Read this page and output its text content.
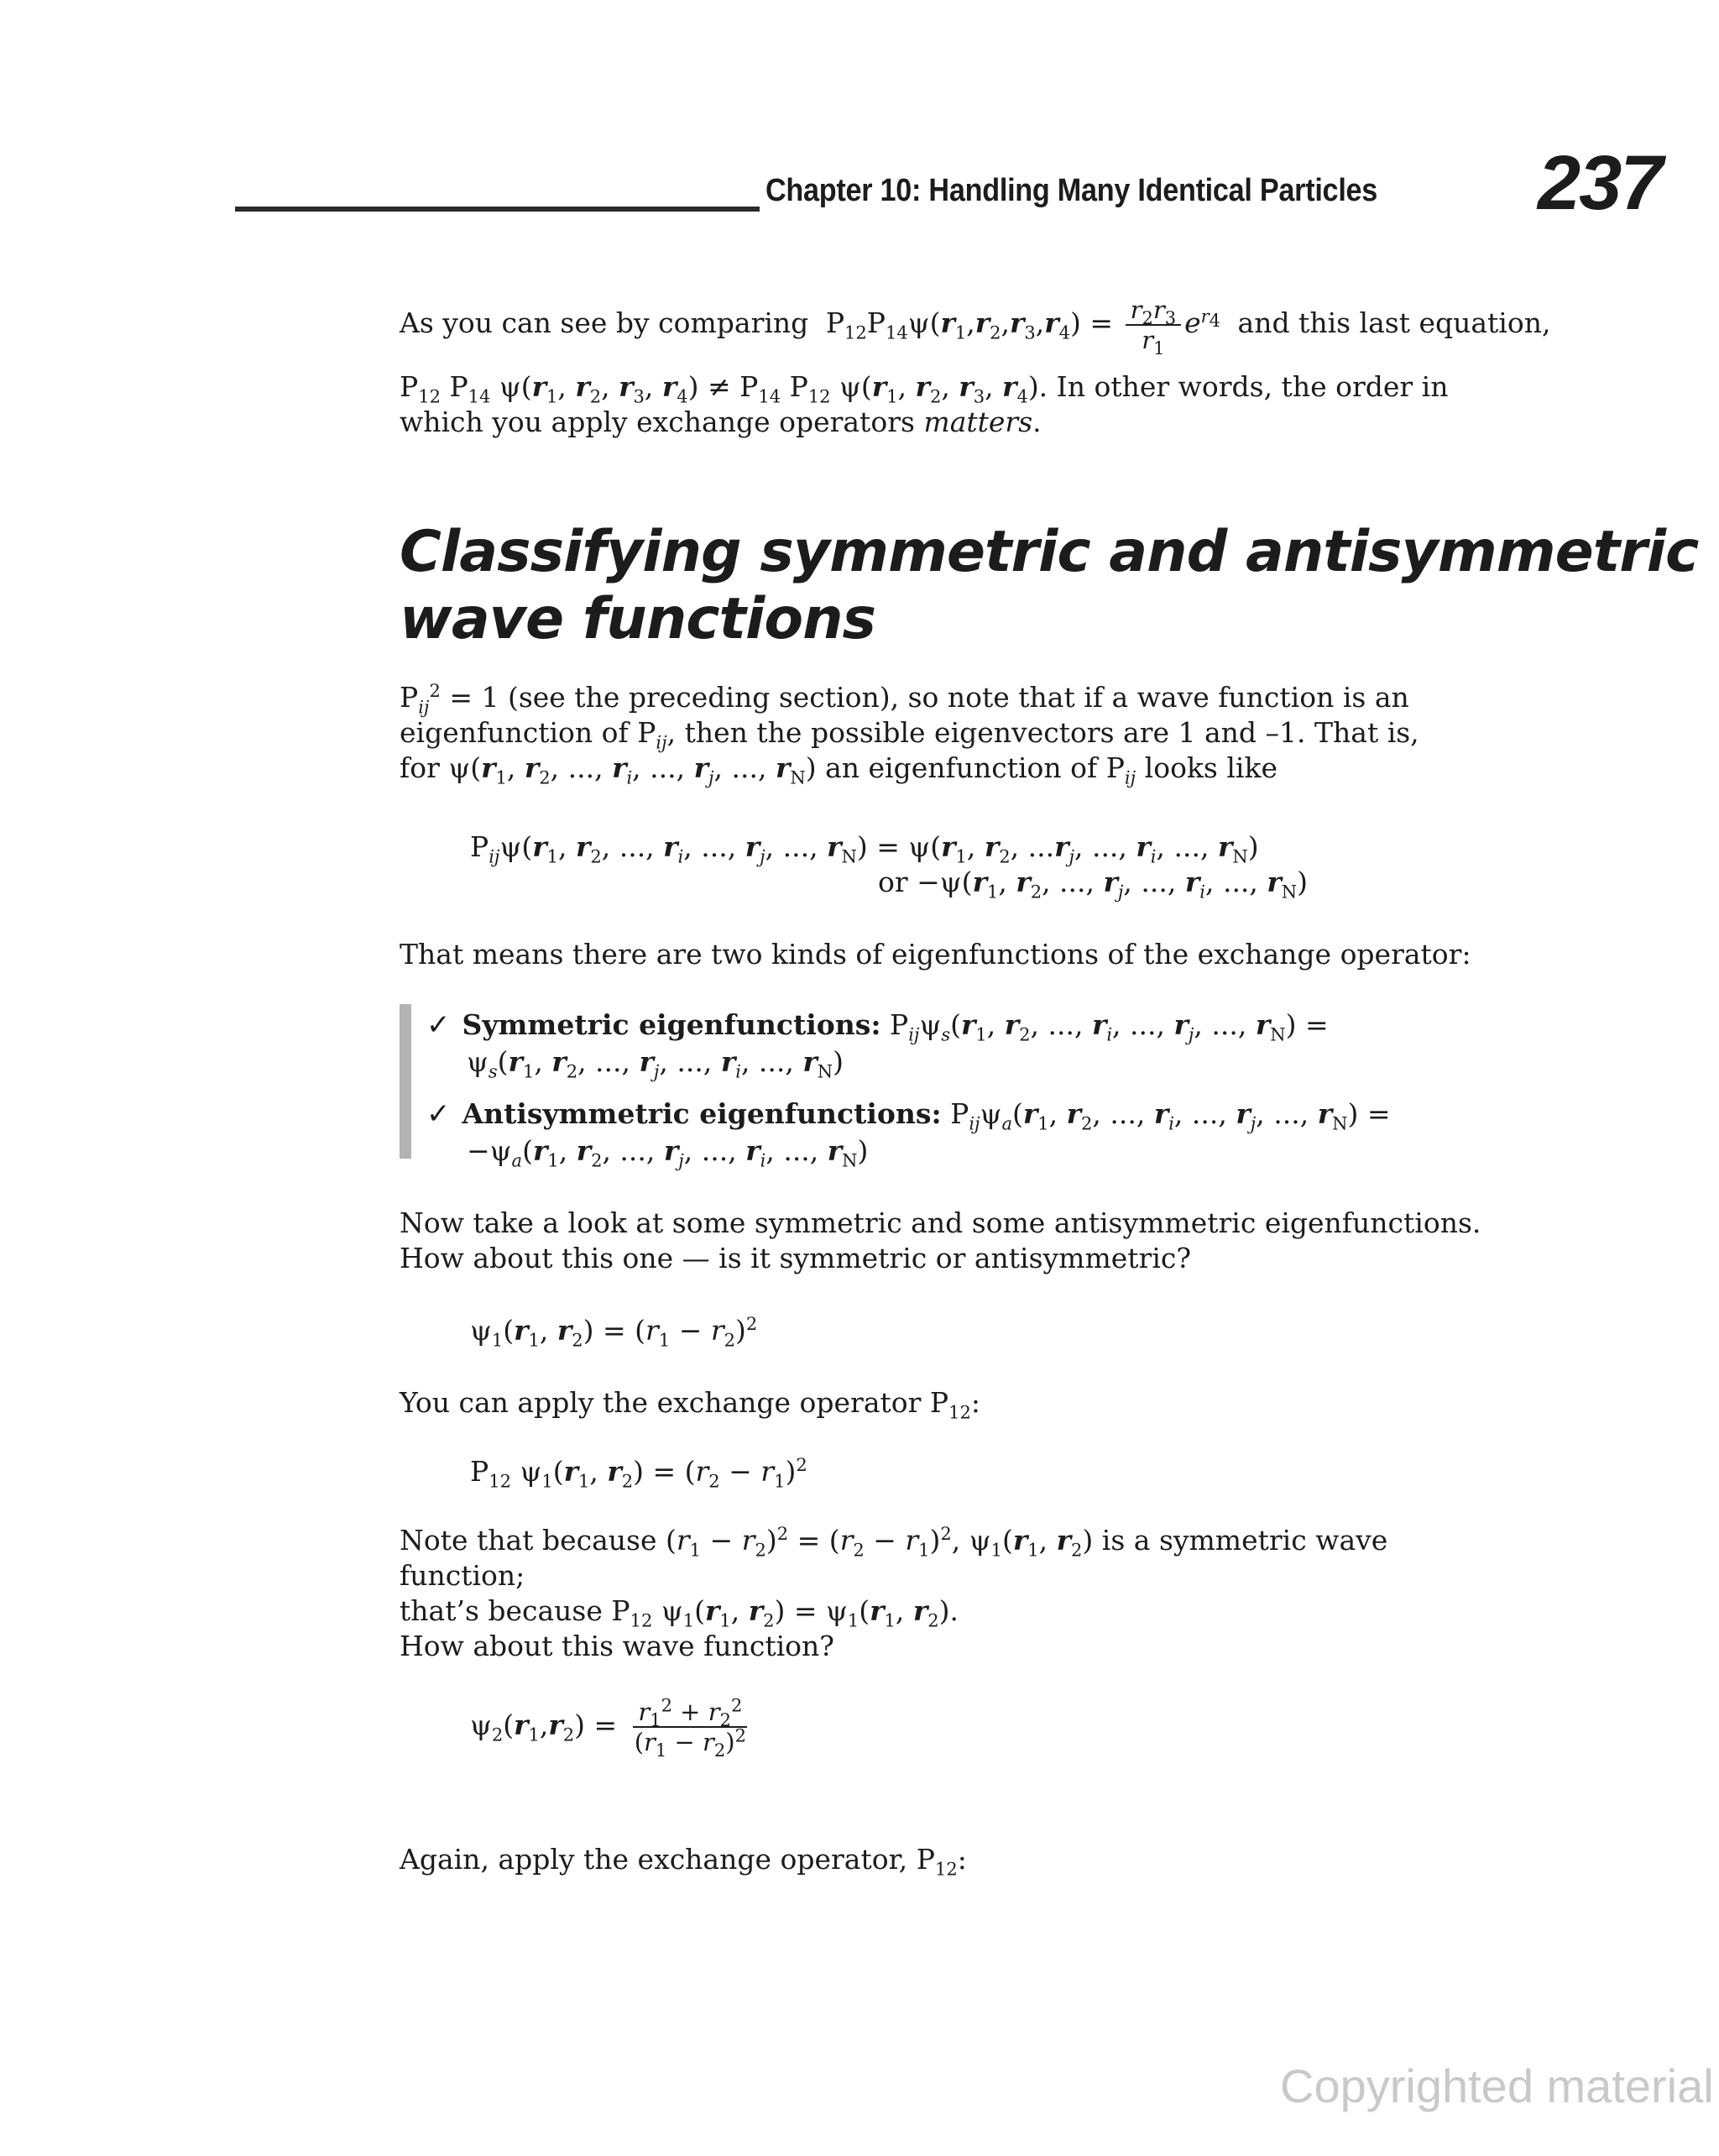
Chapter 10: Handling Many Identical Particles 237
As you can see by comparing $P_{12}P_{14}\psi(r_1,r_2,r_3,r_4) = \frac{r_2r_3}{r_1} e^{r_4}$ and this last equation,

$P_{12}$ $P_{14}$ $\psi(r_1$, $r_2$, $r_3$, $r_4) \ne P_{14}$ $P_{12}$ $\psi(r_1$, $r_2$, $r_3$, $r_4$). In other words, the order in which you apply exchange operators matters.

Classifying symmetric and antisymmetric
wave functions

$P_{ij}^2 = 1$ (see the preceding section), so note that if a wave function is an
eigenfunction of $P_{ij}$, then the possible eigenvectors are 1 and –1. That is,
for $\psi(r_1$, $r_2$, ..., $r_i$, ..., $r_j$, ..., $r_N$) an eigenfunction of $P_{ij}$ looks like

$P_{ij}\psi(r_1$, $r_2$, ..., $r_i$, ..., $r_j$, ..., $r_N) = \psi(r_1$, $r_2$, $...r_j$, ..., $r_i$, ..., $r_N$)
or $-\psi(r_1$, $r_2$, ..., $r_j$, ..., $r_i$, ..., $r_N$)

That means there are two kinds of eigenfunctions of the exchange operator:

✓ Symmetric eigenfunctions: $P_{ij}\psi_s(r_1$, $r_2$, ..., $r_i$, ..., $r_j$, ..., $r_N$) =
$\psi_s(r_1$, $r_2$, ..., $r_j$, ..., $r_i$, ..., $r_N$)
✓ Antisymmetric eigenfunctions: $P_{ij}\psi_a(r_1$, $r_2$, ..., $r_i$, ..., $r_j$, ..., $r_N$) =
$-\psi_a(r_1$, $r_2$, ..., $r_j$, ..., $r_i$, ..., $r_N$)

Now take a look at some symmetric and some antisymmetric eigenfunctions.
How about this one — is it symmetric or antisymmetric?

$\psi_1(r_1$, $r_2) = (r_1 - r_2)^2$

You can apply the exchange operator $P_{12}$:

$P_{12}$ $\psi_1(r_1$, $r_2) = (r_2 - r_1)^2$

Note that because $(r_1 - r_2)^2 = (r_2 - r_1)^2$, $\psi_1(r_1$, $r_2$) is a symmetric wave function;
that’s because $P_{12}$ $\psi_1(r_1$, $r_2) = \psi_1(r_1$, $r_2$).

How about this wave function?

$\psi_2(r_1,r_2) = \frac{r_1^2 + r_2^2}{(r_1 - r_2)^2}$

Again, apply the exchange operator, $P_{12}$:

Copyrighted material
